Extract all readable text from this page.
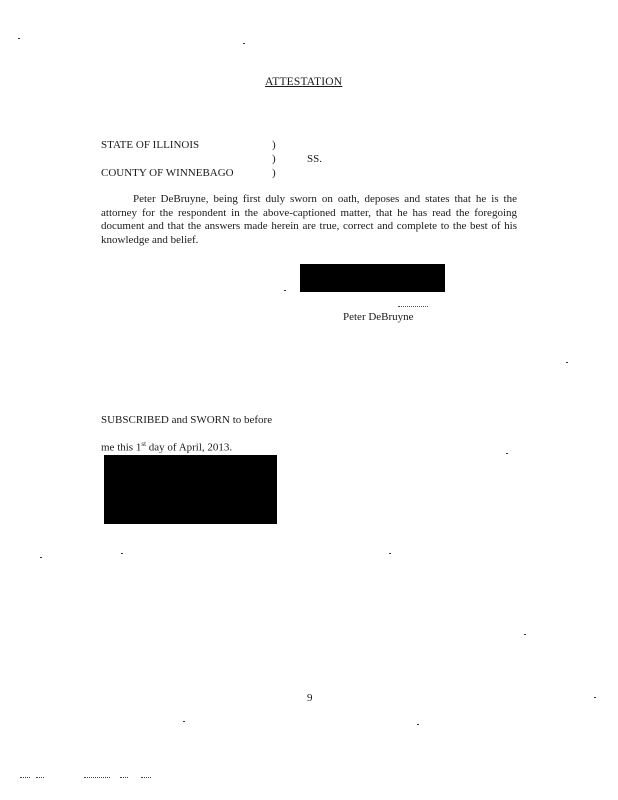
ATTESTATION
STATE OF ILLINOIS
COUNTY OF WINNEBAGO
)
)
)
SS.
Peter DeBruyne, being first duly sworn on oath, deposes and states that he is the attorney for the respondent in the above-captioned matter, that he has read the foregoing document and that the answers made herein are true, correct and complete to the best of his knowledge and belief.
Peter DeBruyne
SUBSCRIBED and SWORN to before
me this 1st day of April, 2013.
9
